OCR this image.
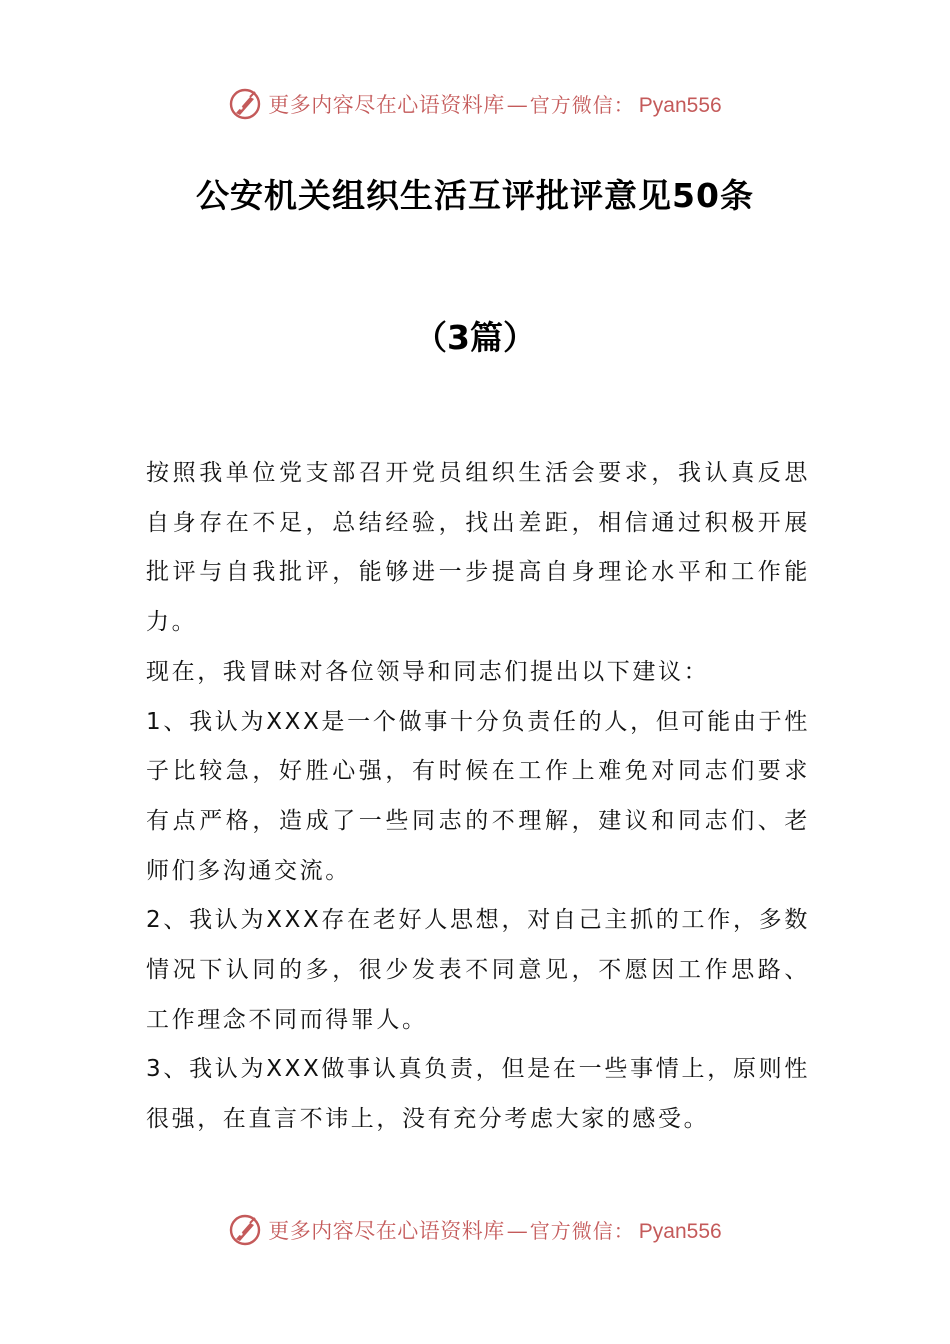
更多内容尽在心语资料库 — 官方微信： Pyan556
公安机关组织生活互评批评意见50条
（3篇）

按照我单位党支部召开党员组织生活会要求，我认真反思自身存在不足，总结经验，找出差距，相信通过积极开展批评与自我批评，能够进一步提高自身理论水平和工作能力。

现在，我冒昧对各位领导和同志们提出以下建议：

1、我认为XXX是一个做事十分负责任的人，但可能由于性子比较急，好胜心强，有时候在工作上难免对同志们要求有点严格，造成了一些同志的不理解，建议和同志们、老师们多沟通交流。

2、我认为XXX存在老好人思想，对自己主抓的工作，多数情况下认同的多，很少发表不同意见，不愿因工作思路、工作理念不同而得罪人。

3、我认为XXX做事认真负责，但是在一些事情上，原则性很强，在直言不讳上，没有充分考虑大家的感受。

更多内容尽在心语资料库 — 官方微信： Pyan556
